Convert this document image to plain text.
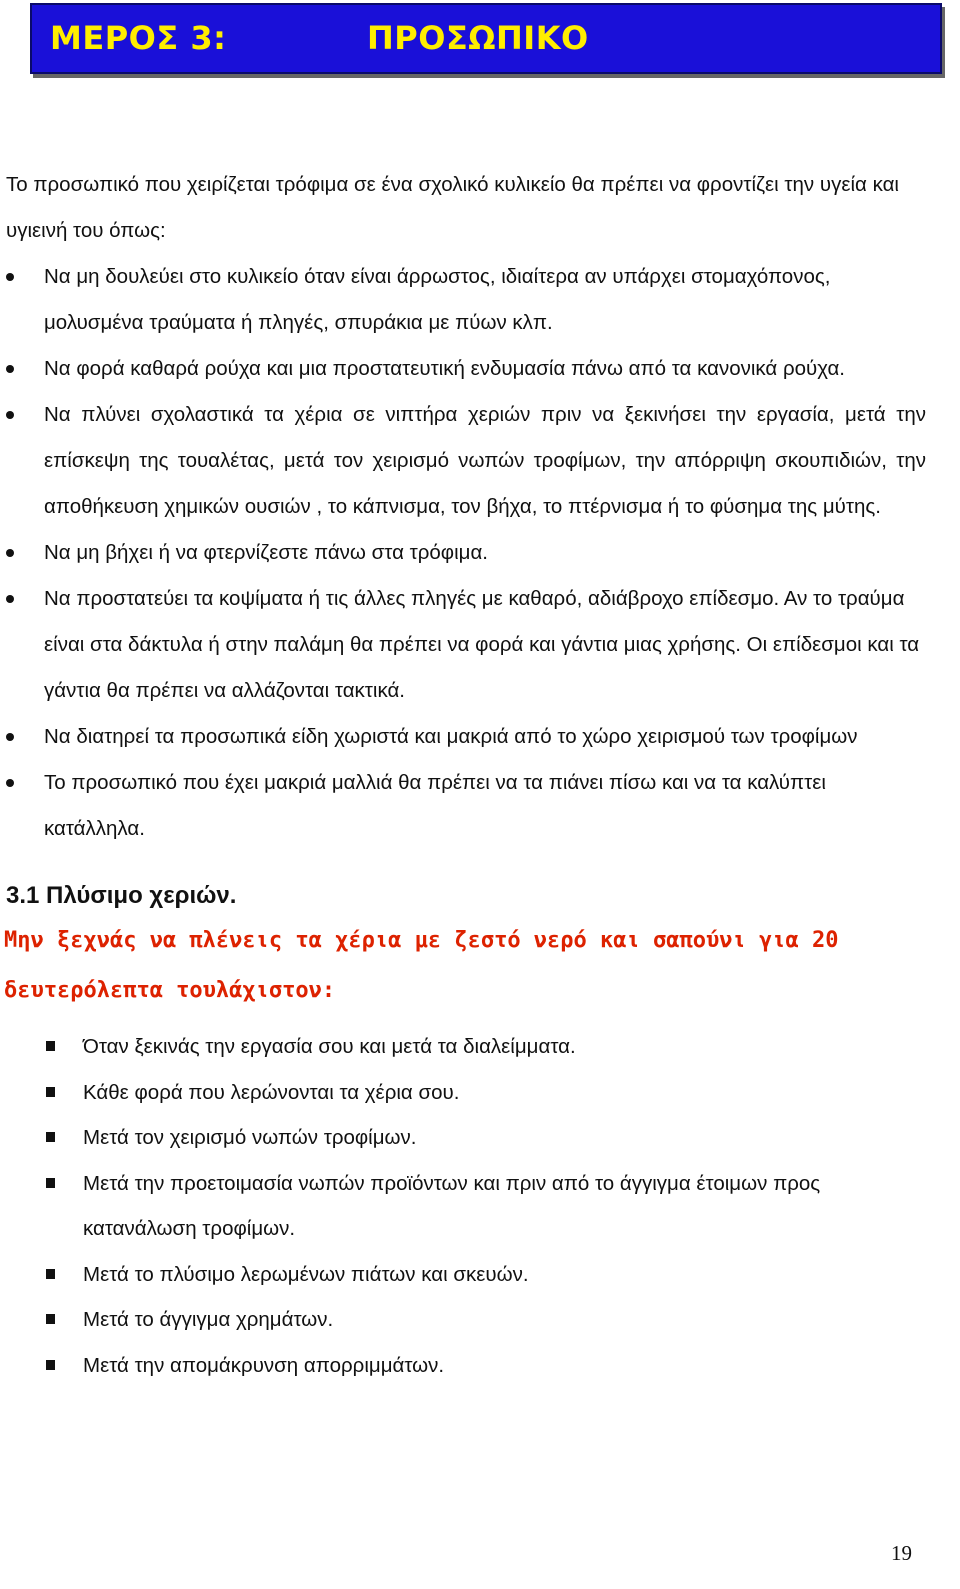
ΜΕΡΟΣ 3:	ΠΡΟΣΩΠΙΚΟ

Το προσωπικό που χειρίζεται τρόφιμα σε ένα σχολικό κυλικείο θα πρέπει να φροντίζει την υγεία και υγιεινή του όπως:

Να μη δουλεύει στο κυλικείο όταν είναι άρρωστος, ιδιαίτερα αν υπάρχει στομαχόπονος, μολυσμένα τραύματα ή πληγές, σπυράκια με πύων κλπ.
Να φορά καθαρά ρούχα και μια προστατευτική ενδυμασία πάνω από τα κανονικά ρούχα.
Να πλύνει σχολαστικά τα χέρια σε νιπτήρα χεριών πριν να ξεκινήσει την εργασία, μετά την επίσκεψη της τουαλέτας, μετά τον χειρισμό νωπών τροφίμων, την απόρριψη σκουπιδιών, την αποθήκευση χημικών ουσιών , το κάπνισμα, τον βήχα, το πτέρνισμα ή το φύσημα της μύτης.
Να μη βήχει ή να φτερνίζεστε πάνω στα τρόφιμα.
Να προστατεύει τα κοψίματα ή τις άλλες πληγές με καθαρό, αδιάβροχο επίδεσμο. Αν το τραύμα είναι στα δάκτυλα ή στην παλάμη θα πρέπει να φορά και γάντια μιας χρήσης. Οι επίδεσμοι και τα γάντια θα πρέπει να αλλάζονται τακτικά.
Να διατηρεί τα προσωπικά είδη χωριστά και μακριά από το χώρο χειρισμού των τροφίμων
Το προσωπικό που έχει μακριά μαλλιά θα πρέπει να τα πιάνει πίσω και να τα καλύπτει κατάλληλα.
3.1 Πλύσιμο χεριών.
Μην ξεχνάς να πλένεις τα χέρια με ζεστό νερό και σαπούνι για 20 δευτερόλεπτα τουλάχιστον:
Όταν ξεκινάς την εργασία σου και μετά τα διαλείμματα.
Κάθε φορά που λερώνονται τα χέρια σου.
Μετά τον χειρισμό νωπών τροφίμων.
Μετά την προετοιμασία νωπών προϊόντων και πριν από το άγγιγμα έτοιμων προς κατανάλωση τροφίμων.
Μετά το πλύσιμο λερωμένων πιάτων και σκευών.
Μετά το άγγιγμα χρημάτων.
Μετά την απομάκρυνση απορριμμάτων.
19
